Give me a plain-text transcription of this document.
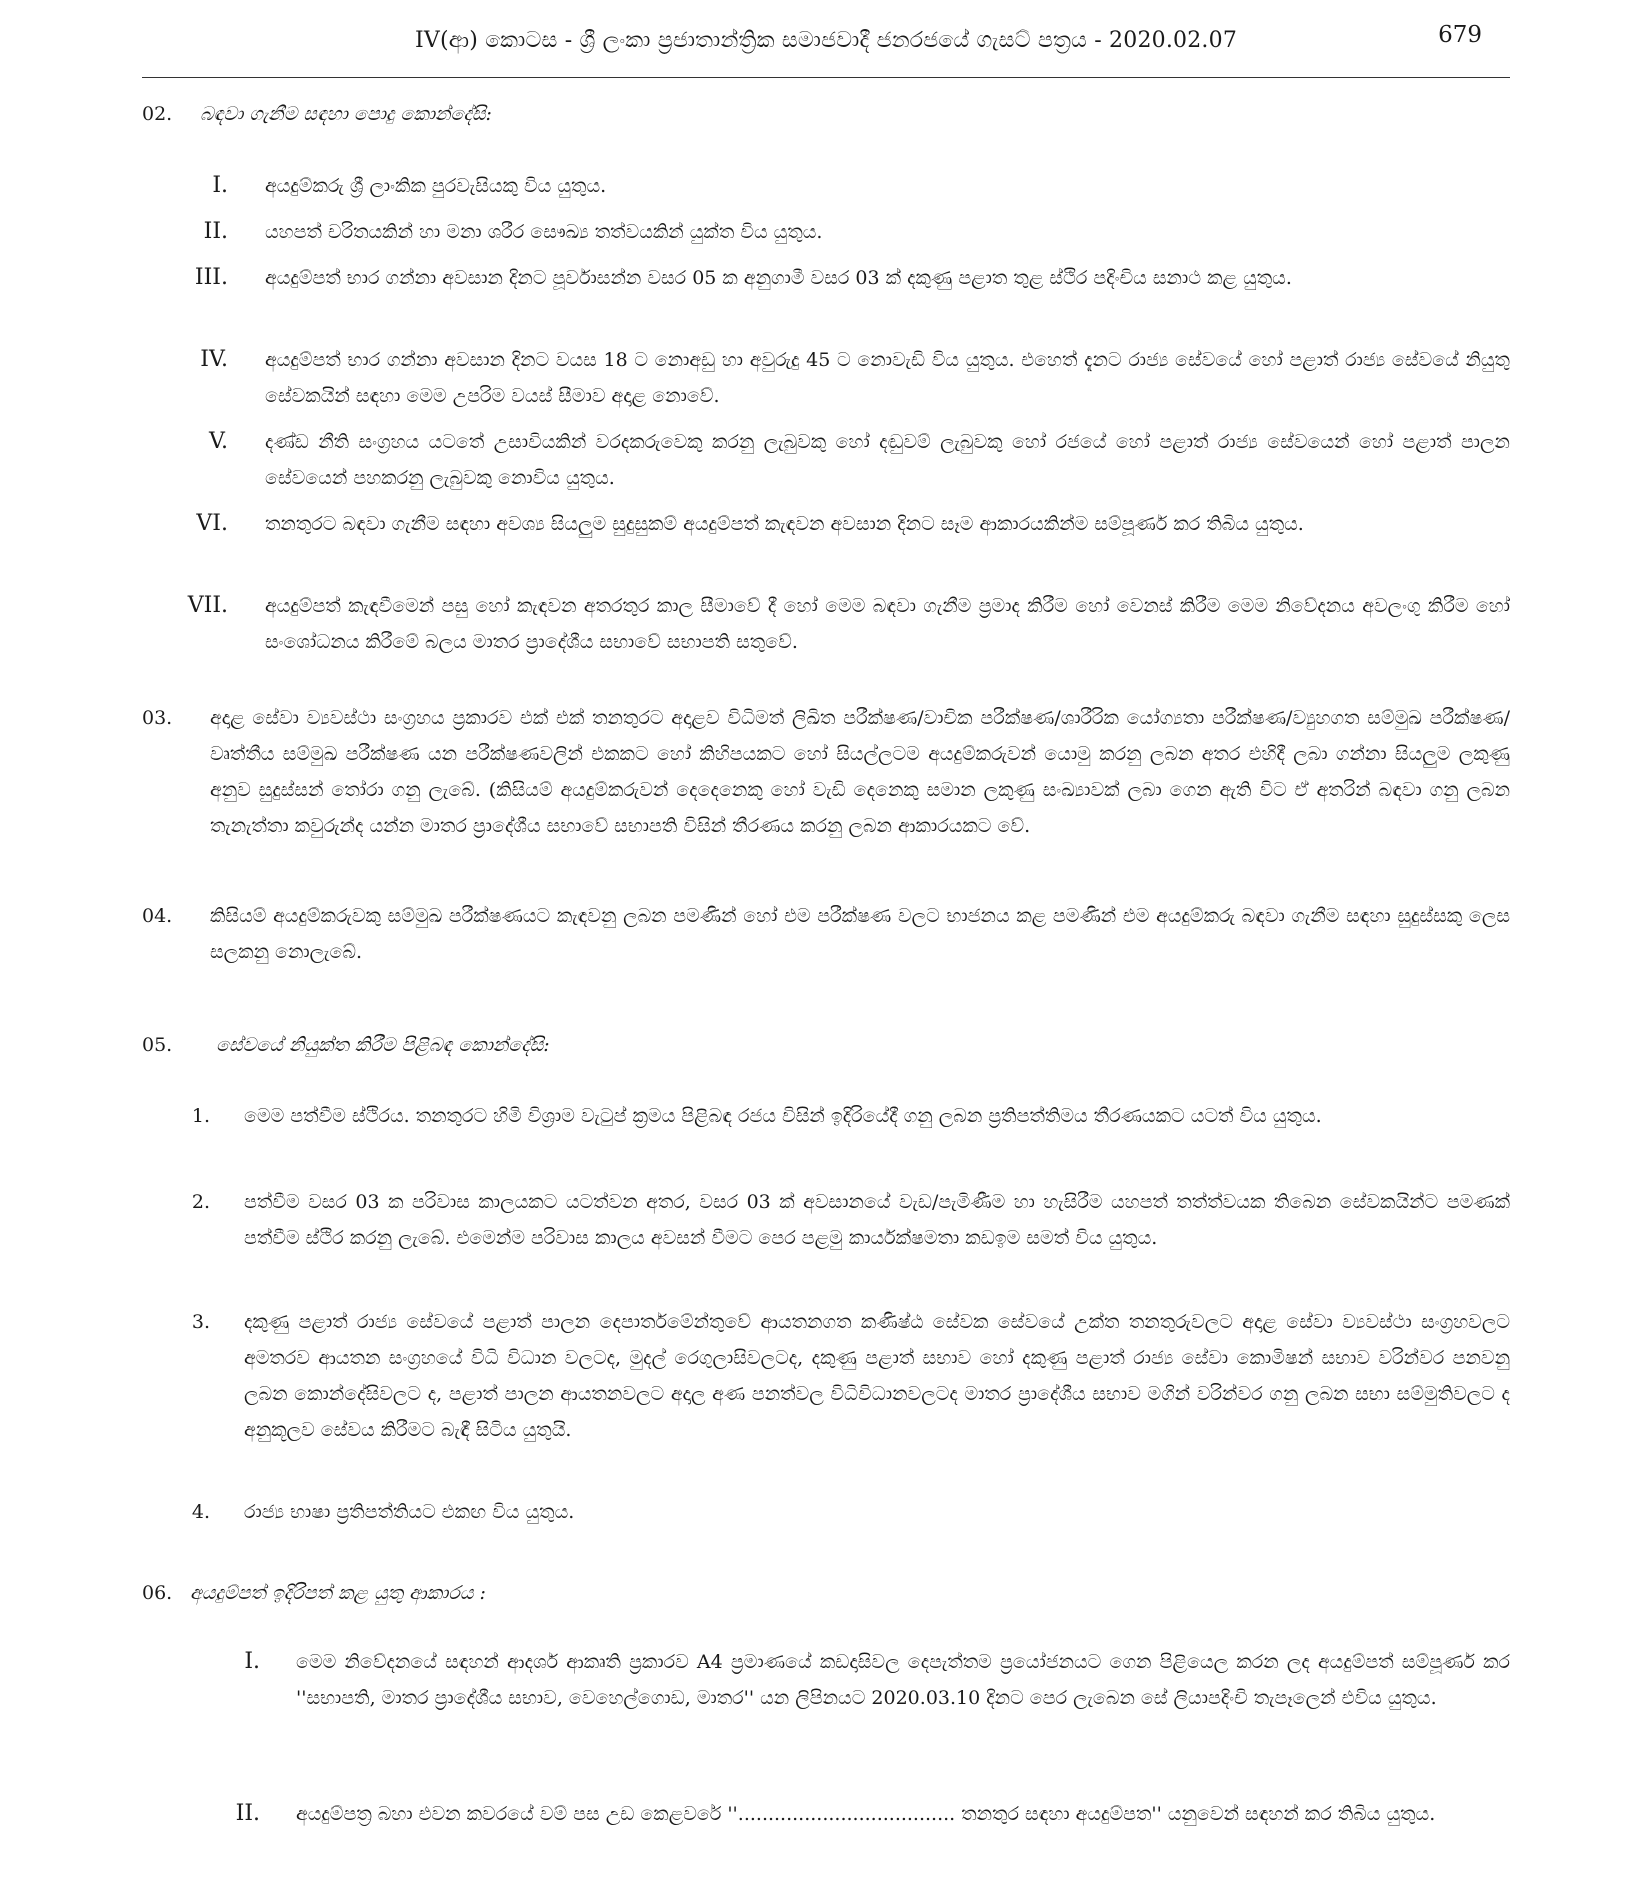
IV(ආ) කොටස - ශ්‍රී ලංකා ප්‍රජාතාන්ත්‍රික සමාජවාදී ජනරජයේ ගැසට් පත්‍රය - 2020.02.07	679
02. බඳවා ගැනීම සඳහා පොදු කොන්දේසි:
I. අයදුම්කරු ශ්‍රී ලාංකික පුරවැසියකු විය යුතුය.
II. යහපත් චරිතයකින් හා මනා ශරීර සෞඛ්‍ය තත්වයකින් යුක්ත විය යුතුය.
III. අයදුම්පත් භාර ගන්නා අවසාන දිනට පූර්වාසන්න වසර 05 ක අනුගාමී වසර 03 ක් දකුණු පළාත තුළ ස්ථිර පදිංචිය සනාථ කළ යුතුය.
IV. අයදුම්පත් භාර ගන්නා අවසාන දිනට වයස 18 ට නොඅඩු හා අවුරුදු 45 ට නොවැඩි විය යුතුය. එහෙත් දැනට රාජ්‍ය සේවයේ හෝ පළාත් රාජ්‍ය සේවයේ නියුතු සේවකයින් සඳහා මෙම උපරිම වයස් සීමාව අදාළ නොවේ.
V. දණ්ඩ නීති සංග්‍රහය යටතේ උසාවියකින් වරදකරුවෙකු කරනු ලැබුවකු හෝ දඬුවම් ලැබුවකු හෝ රජයේ හෝ පළාත් රාජ්‍ය සේවයෙන් හෝ පළාත් පාලන සේවයෙන් පහකරනු ලැබුවකු නොවිය යුතුය.
VI. තනතුරට බඳවා ගැනීම සඳහා අවශ්‍ය සියලුම සුදුසුකම් අයදුම්පත් කැඳවන අවසාන දිනට සෑම ආකාරයකින්ම සම්පූර්ණ කර තිබිය යුතුය.
VII. අයදුම්පත් කැඳවීමෙන් පසු හෝ කැඳවන අතරතුර කාල සීමාවේ දී හෝ මෙම බඳවා ගැනීම ප්‍රමාද කිරීම හෝ වෙනස් කිරීම මෙම නිවේදනය අවලංගු කිරීම හෝ සංශෝධනය කිරීමේ බලය මාතර ප්‍රාදේශීය සභාවේ සභාපති සතුවේ.
03. අදාළ සේවා ව්‍යවස්ථා සංග්‍රහය ප්‍රකාරව එක් එක් තනතුරට අදාළව විධිමත් ලිඛිත පරීක්ෂණ/වාචික පරීක්ෂණ/ශාරීරික යෝග්‍යතා පරීක්ෂණ/ව්‍යුහගත සම්මුඛ පරීක්ෂණ/වෘත්තීය සම්මුඛ පරීක්ෂණ යන පරීක්ෂණවලින් එකකට හෝ කිහිපයකට හෝ සියල්ලටම අයදුම්කරුවන් යොමු කරනු ලබන අතර එහිදී ලබා ගන්නා සියලුම ලකුණු අනුව සුදුස්සන් තෝරා ගනු ලැබේ. (කිසියම් අයදුම්කරුවන් දෙදෙනෙකු හෝ වැඩි දෙනෙකු සමාන ලකුණු සංඛ්‍යාවක් ලබා ගෙන ඇති විට ඒ අතරින් බඳවා ගනු ලබන තැනැත්තා කවුරුන්ද යන්න මාතර ප්‍රාදේශීය සභාවේ සභාපති විසින් තීරණය කරනු ලබන ආකාරයකට වේ.
04. කිසියම් අයදුම්කරුවකු සම්මුඛ පරීක්ෂණයට කැඳවනු ලබන පමණින් හෝ එම පරීක්ෂණ වලට භාජනය කළ පමණින් එම අයදුම්කරු බඳවා ගැනීම සඳහා සුදුස්සකු ලෙස සලකනු නොලැබේ.
05. සේවයේ නියුක්ත කිරීම පිළිබඳ කොන්දේසි:
1. මෙම පත්වීම ස්ථිරය. තනතුරට හිමි විශ්‍රාම වැටුප් ක්‍රමය පිළිබඳ රජය විසින් ඉදිරියේදී ගනු ලබන ප්‍රතිපත්තිමය තීරණයකට යටත් විය යුතුය.
2. පත්වීම වසර 03 ක පරිවාස කාලයකට යටත්වන අතර, වසර 03 ක් අවසානයේ වැඩ/පැමිණීම හා හැසිරීම යහපත් තත්ත්වයක තිබෙන සේවකයින්ට පමණක් පත්වීම ස්ථිර කරනු ලැබේ. එමෙන්ම පරිවාස කාලය අවසන් වීමට පෙර පළමු කාර්යක්ෂමතා කඩඉම සමත් විය යුතුය.
3. දකුණු පළාත් රාජ්‍ය සේවයේ පළාත් පාලන දෙපාර්තමේන්තුවේ ආයතනගත කණිෂ්ඨ සේවක සේවයේ උක්ත තනතුරුවලට අදාළ සේවා ව්‍යවස්ථා සංග්‍රහවලට අමතරව ආයතන සංග්‍රහයේ විධි විධාන වලටද, මුදල් රෙගුලාසිවලටද, දකුණු පළාත් සභාව හෝ දකුණු පළාත් රාජ්‍ය සේවා කොමිෂන් සභාව වරින්වර පනවනු ලබන කොන්දේසිවලට ද, පළාත් පාලන ආයතනවලට අදාල අණ පනත්වල විධිවිධානවලටද මාතර ප්‍රාදේශීය සභාව මගින් වරින්වර ගනු ලබන සභා සම්මුතිවලට ද අනුකූලව සේවය කිරීමට බැඳී සිටිය යුතුයි.
4. රාජ්‍ය භාෂා ප්‍රතිපත්තියට එකඟ විය යුතුය.
06. අයදුම්පත් ඉදිරිපත් කළ යුතු ආකාරය :
I. මෙම නිවේදනයේ සඳහන් ආදර්ශ ආකෘති ප්‍රකාරව A4 ප්‍රමාණයේ කඩදාසිවල දෙපැත්තම ප්‍රයෝජනයට ගෙන පිළියෙල කරන ලද අයදුම්පත් සම්පූර්ණ කර ''සභාපති, මාතර ප්‍රාදේශීය සභාව, වෙහෙල්ගොඩ, මාතර'' යන ලිපිනයට 2020.03.10 දිනට පෙර ලැබෙන සේ ලියාපදිංචි තැපෑලෙන් එවිය යුතුය.
II. අයදුම්පත්‍ර බහා එවන කවරයේ වම් පස උඩ කෙළවරේ ''.................................... තනතුර සඳහා අයදුම්පත'' යනුවෙන් සඳහන් කර තිබිය යුතුය.
